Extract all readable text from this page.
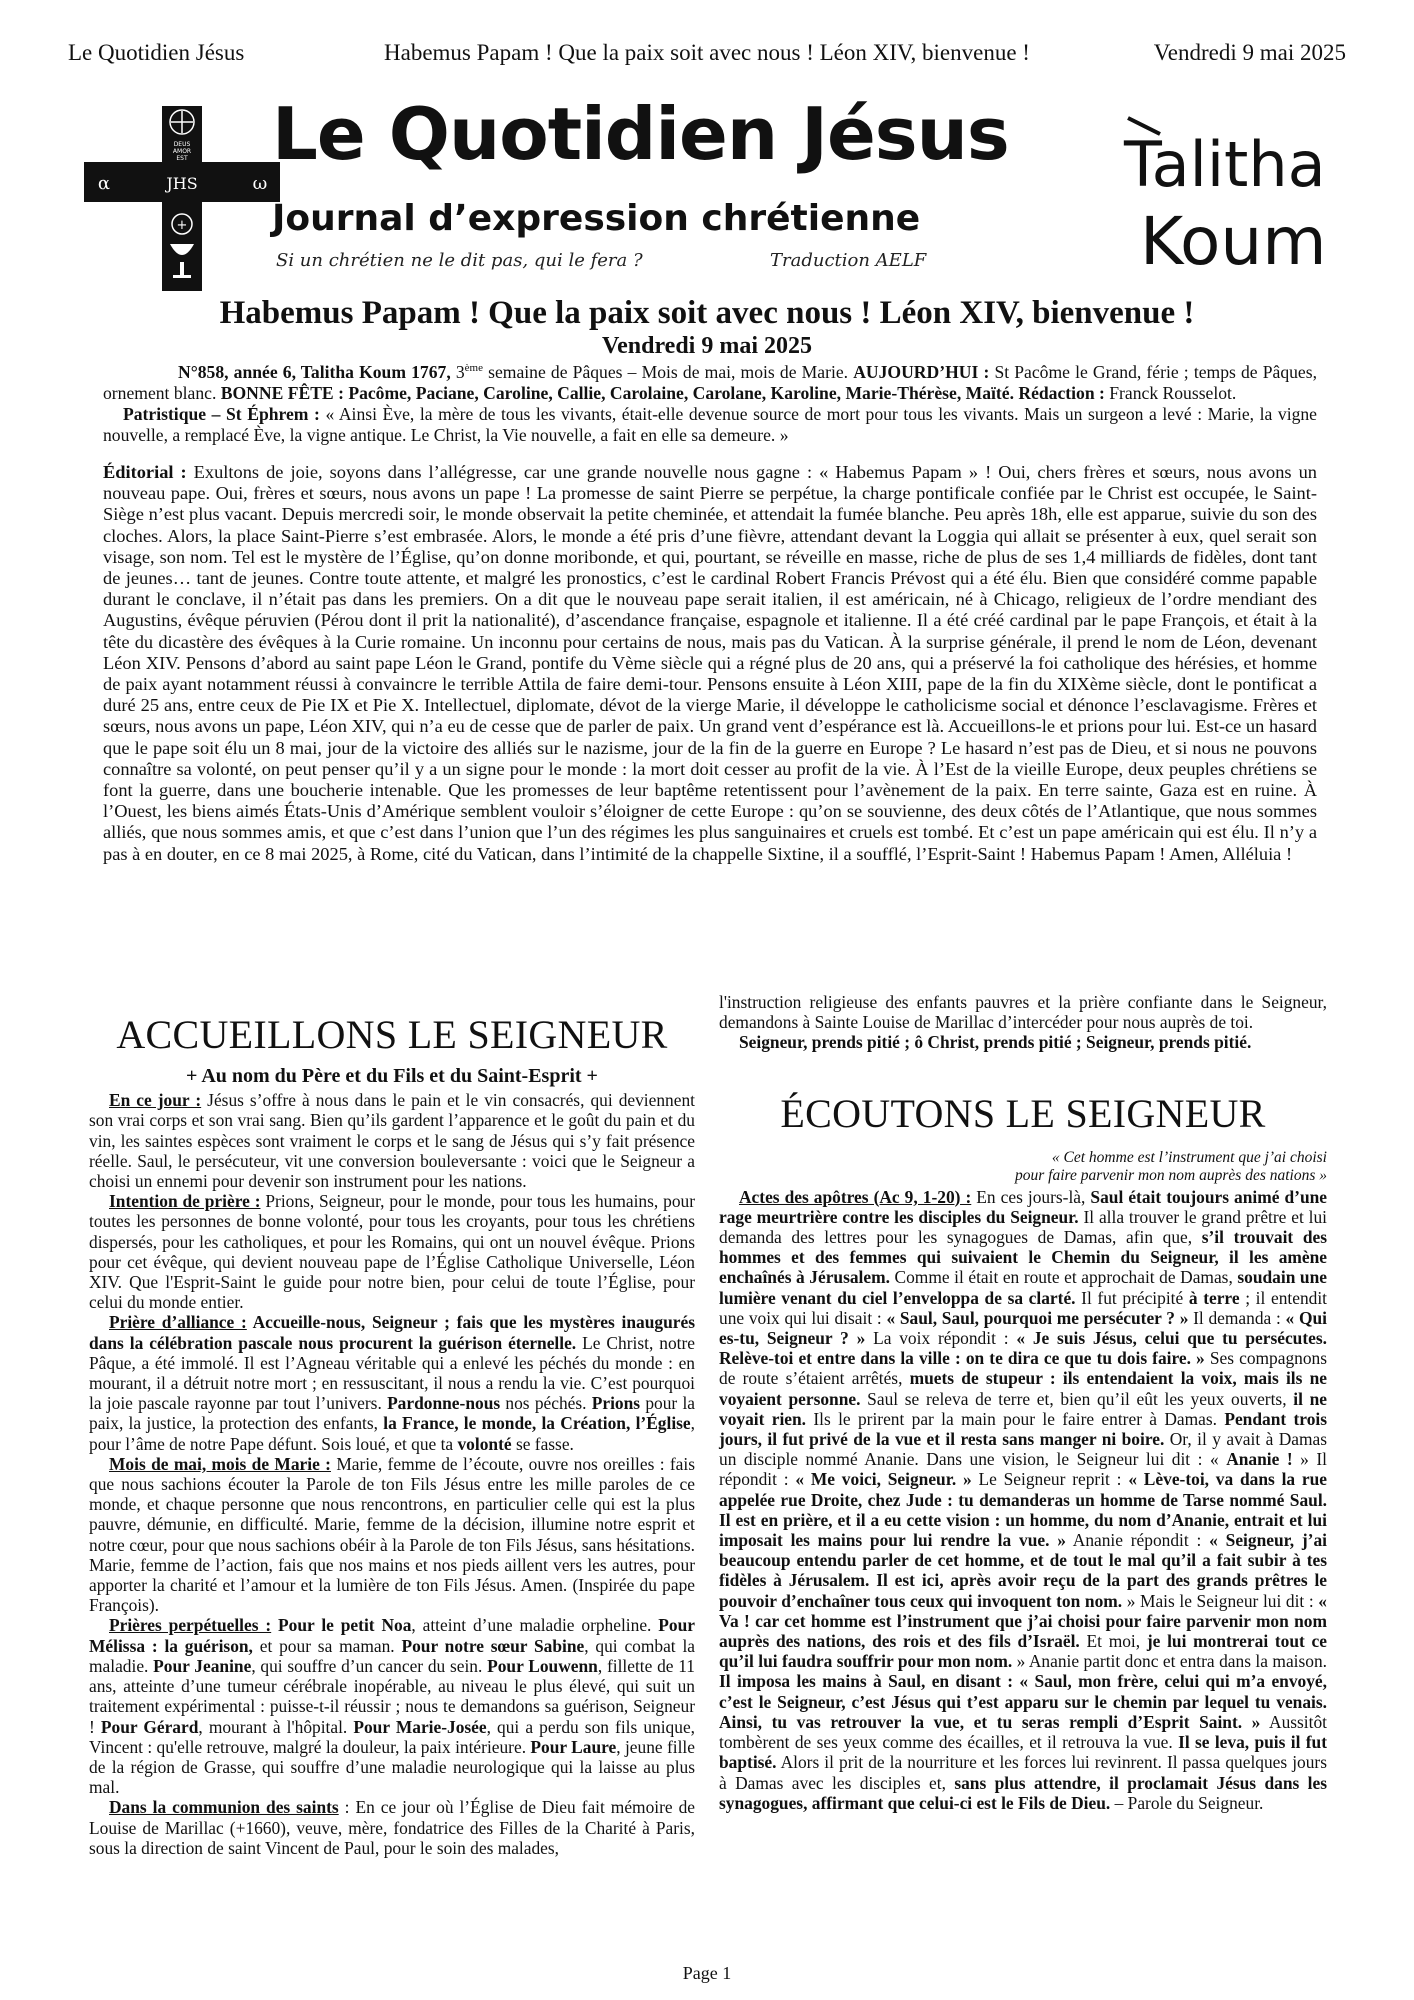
Le Quotidien Jésus	Habemus Papam ! Que la paix soit avec nous ! Léon XIV, bienvenue !	Vendredi 9 mai 2025
DEUS
AMOR
EST
α	ω
JHS
+
Le Quotidien Jésus
Journal d’expression chrétienne
Si un chrétien ne le dit pas, qui le fera ?	Traduction AELF
Talitha
Koum
Habemus Papam ! Que la paix soit avec nous ! Léon XIV, bienvenue !
Vendredi 9 mai 2025

N°858, année 6, Talitha Koum 1767, 3ème semaine de Pâques – Mois de mai, mois de Marie. AUJOURD’HUI : St Pacôme le Grand, férie ; temps de Pâques, ornement blanc. BONNE FÊTE : Pacôme, Paciane, Caroline, Callie, Carolaine, Carolane, Karoline, Marie-Thérèse, Maïté. Rédaction : Franck Rousselot.

Patristique – St Éphrem : « Ainsi Ève, la mère de tous les vivants, était-elle devenue source de mort pour tous les vivants. Mais un surgeon a levé : Marie, la vigne nouvelle, a remplacé Ève, la vigne antique. Le Christ, la Vie nouvelle, a fait en elle sa demeure. »

Éditorial : Exultons de joie, soyons dans l’allégresse, car une grande nouvelle nous gagne : « Habemus Papam » ! Oui, chers frères et sœurs, nous avons un nouveau pape. Oui, frères et sœurs, nous avons un pape ! La promesse de saint Pierre se perpétue, la charge pontificale confiée par le Christ est occupée, le Saint-Siège n’est plus vacant. Depuis mercredi soir, le monde observait la petite cheminée, et attendait la fumée blanche. Peu après 18h, elle est apparue, suivie du son des cloches. Alors, la place Saint-Pierre s’est embrasée. Alors, le monde a été pris d’une fièvre, attendant devant la Loggia qui allait se présenter à eux, quel serait son visage, son nom. Tel est le mystère de l’Église, qu’on donne moribonde, et qui, pourtant, se réveille en masse, riche de plus de ses 1,4 milliards de fidèles, dont tant de jeunes… tant de jeunes. Contre toute attente, et malgré les pronostics, c’est le cardinal Robert Francis Prévost qui a été élu. Bien que considéré comme papable durant le conclave, il n’était pas dans les premiers. On a dit que le nouveau pape serait italien, il est américain, né à Chicago, religieux de l’ordre mendiant des Augustins, évêque péruvien (Pérou dont il prit la nationalité), d’ascendance française, espagnole et italienne. Il a été créé cardinal par le pape François, et était à la tête du dicastère des évêques à la Curie romaine. Un inconnu pour certains de nous, mais pas du Vatican. À la surprise générale, il prend le nom de Léon, devenant Léon XIV. Pensons d’abord au saint pape Léon le Grand, pontife du Vème siècle qui a régné plus de 20 ans, qui a préservé la foi catholique des hérésies, et homme de paix ayant notamment réussi à convaincre le terrible Attila de faire demi-tour. Pensons ensuite à Léon XIII, pape de la fin du XIXème siècle, dont le pontificat a duré 25 ans, entre ceux de Pie IX et Pie X. Intellectuel, diplomate, dévot de la vierge Marie, il développe le catholicisme social et dénonce l’esclavagisme. Frères et sœurs, nous avons un pape, Léon XIV, qui n’a eu de cesse que de parler de paix. Un grand vent d’espérance est là. Accueillons-le et prions pour lui. Est-ce un hasard que le pape soit élu un 8 mai, jour de la victoire des alliés sur le nazisme, jour de la fin de la guerre en Europe ? Le hasard n’est pas de Dieu, et si nous ne pouvons connaître sa volonté, on peut penser qu’il y a un signe pour le monde : la mort doit cesser au profit de la vie. À l’Est de la vieille Europe, deux peuples chrétiens se font la guerre, dans une boucherie intenable. Que les promesses de leur baptême retentissent pour l’avènement de la paix. En terre sainte, Gaza est en ruine. À l’Ouest, les biens aimés États-Unis d’Amérique semblent vouloir s’éloigner de cette Europe : qu’on se souvienne, des deux côtés de l’Atlantique, que nous sommes alliés, que nous sommes amis, et que c’est dans l’union que l’un des régimes les plus sanguinaires et cruels est tombé. Et c’est un pape américain qui est élu. Il n’y a pas à en douter, en ce 8 mai 2025, à Rome, cité du Vatican, dans l’intimité de la chappelle Sixtine, il a soufflé, l’Esprit-Saint ! Habemus Papam ! Amen, Alléluia !

ACCUEILLONS LE SEIGNEUR
+ Au nom du Père et du Fils et du Saint-Esprit +

En ce jour : Jésus s’offre à nous dans le pain et le vin consacrés, qui deviennent son vrai corps et son vrai sang. Bien qu’ils gardent l’apparence et le goût du pain et du vin, les saintes espèces sont vraiment le corps et le sang de Jésus qui s’y fait présence réelle. Saul, le persécuteur, vit une conversion bouleversante : voici que le Seigneur a choisi un ennemi pour devenir son instrument pour les nations.

Intention de prière : Prions, Seigneur, pour le monde, pour tous les humains, pour toutes les personnes de bonne volonté, pour tous les croyants, pour tous les chrétiens dispersés, pour les catholiques, et pour les Romains, qui ont un nouvel évêque. Prions pour cet évêque, qui devient nouveau pape de l’Église Catholique Universelle, Léon XIV. Que l'Esprit-Saint le guide pour notre bien, pour celui de toute l’Église, pour celui du monde entier.

Prière d’alliance : Accueille-nous, Seigneur ; fais que les mystères inaugurés dans la célébration pascale nous procurent la guérison éternelle. Le Christ, notre Pâque, a été immolé. Il est l’Agneau véritable qui a enlevé les péchés du monde : en mourant, il a détruit notre mort ; en ressuscitant, il nous a rendu la vie. C’est pourquoi la joie pascale rayonne par tout l’univers. Pardonne-nous nos péchés. Prions pour la paix, la justice, la protection des enfants, la France, le monde, la Création, l’Église, pour l’âme de notre Pape défunt. Sois loué, et que ta volonté se fasse.

Mois de mai, mois de Marie : Marie, femme de l’écoute, ouvre nos oreilles : fais que nous sachions écouter la Parole de ton Fils Jésus entre les mille paroles de ce monde, et chaque personne que nous rencontrons, en particulier celle qui est la plus pauvre, démunie, en difficulté. Marie, femme de la décision, illumine notre esprit et notre cœur, pour que nous sachions obéir à la Parole de ton Fils Jésus, sans hésitations. Marie, femme de l’action, fais que nos mains et nos pieds aillent vers les autres, pour apporter la charité et l’amour et la lumière de ton Fils Jésus. Amen. (Inspirée du pape François).

Prières perpétuelles : Pour le petit Noa, atteint d’une maladie orpheline. Pour Mélissa : la guérison, et pour sa maman. Pour notre sœur Sabine, qui combat la maladie. Pour Jeanine, qui souffre d’un cancer du sein. Pour Louwenn, fillette de 11 ans, atteinte d’une tumeur cérébrale inopérable, au niveau le plus élevé, qui suit un traitement expérimental : puisse-t-il réussir ; nous te demandons sa guérison, Seigneur ! Pour Gérard, mourant à l'hôpital. Pour Marie-Josée, qui a perdu son fils unique, Vincent : qu'elle retrouve, malgré la douleur, la paix intérieure. Pour Laure, jeune fille de la région de Grasse, qui souffre d’une maladie neurologique qui la laisse au plus mal.

Dans la communion des saints : En ce jour où l’Église de Dieu fait mémoire de Louise de Marillac (+1660), veuve, mère, fondatrice des Filles de la Charité à Paris, sous la direction de saint Vincent de Paul, pour le soin des malades,

l'instruction religieuse des enfants pauvres et la prière confiante dans le Seigneur, demandons à Sainte Louise de Marillac d’intercéder pour nous auprès de toi.

Seigneur, prends pitié ; ô Christ, prends pitié ; Seigneur, prends pitié.

ÉCOUTONS LE SEIGNEUR
« Cet homme est l’instrument que j’ai choisi
pour faire parvenir mon nom auprès des nations »

Actes des apôtres (Ac 9, 1-20) : En ces jours-là, Saul était toujours animé d’une rage meurtrière contre les disciples du Seigneur. Il alla trouver le grand prêtre et lui demanda des lettres pour les synagogues de Damas, afin que, s’il trouvait des hommes et des femmes qui suivaient le Chemin du Seigneur, il les amène enchaînés à Jérusalem. Comme il était en route et approchait de Damas, soudain une lumière venant du ciel l’enveloppa de sa clarté. Il fut précipité à terre ; il entendit une voix qui lui disait : « Saul, Saul, pourquoi me persécuter ? » Il demanda : « Qui es-tu, Seigneur ? » La voix répondit : « Je suis Jésus, celui que tu persécutes. Relève-toi et entre dans la ville : on te dira ce que tu dois faire. » Ses compagnons de route s’étaient arrêtés, muets de stupeur : ils entendaient la voix, mais ils ne voyaient personne. Saul se releva de terre et, bien qu’il eût les yeux ouverts, il ne voyait rien. Ils le prirent par la main pour le faire entrer à Damas. Pendant trois jours, il fut privé de la vue et il resta sans manger ni boire. Or, il y avait à Damas un disciple nommé Ananie. Dans une vision, le Seigneur lui dit : « Ananie ! » Il répondit : « Me voici, Seigneur. » Le Seigneur reprit : « Lève-toi, va dans la rue appelée rue Droite, chez Jude : tu demanderas un homme de Tarse nommé Saul. Il est en prière, et il a eu cette vision : un homme, du nom d’Ananie, entrait et lui imposait les mains pour lui rendre la vue. » Ananie répondit : « Seigneur, j’ai beaucoup entendu parler de cet homme, et de tout le mal qu’il a fait subir à tes fidèles à Jérusalem. Il est ici, après avoir reçu de la part des grands prêtres le pouvoir d’enchaîner tous ceux qui invoquent ton nom. » Mais le Seigneur lui dit : « Va ! car cet homme est l’instrument que j’ai choisi pour faire parvenir mon nom auprès des nations, des rois et des fils d’Israël. Et moi, je lui montrerai tout ce qu’il lui faudra souffrir pour mon nom. » Ananie partit donc et entra dans la maison. Il imposa les mains à Saul, en disant : « Saul, mon frère, celui qui m’a envoyé, c’est le Seigneur, c’est Jésus qui t’est apparu sur le chemin par lequel tu venais. Ainsi, tu vas retrouver la vue, et tu seras rempli d’Esprit Saint. » Aussitôt tombèrent de ses yeux comme des écailles, et il retrouva la vue. Il se leva, puis il fut baptisé. Alors il prit de la nourriture et les forces lui revinrent. Il passa quelques jours à Damas avec les disciples et, sans plus attendre, il proclamait Jésus dans les synagogues, affirmant que celui-ci est le Fils de Dieu. – Parole du Seigneur.

Page 1
